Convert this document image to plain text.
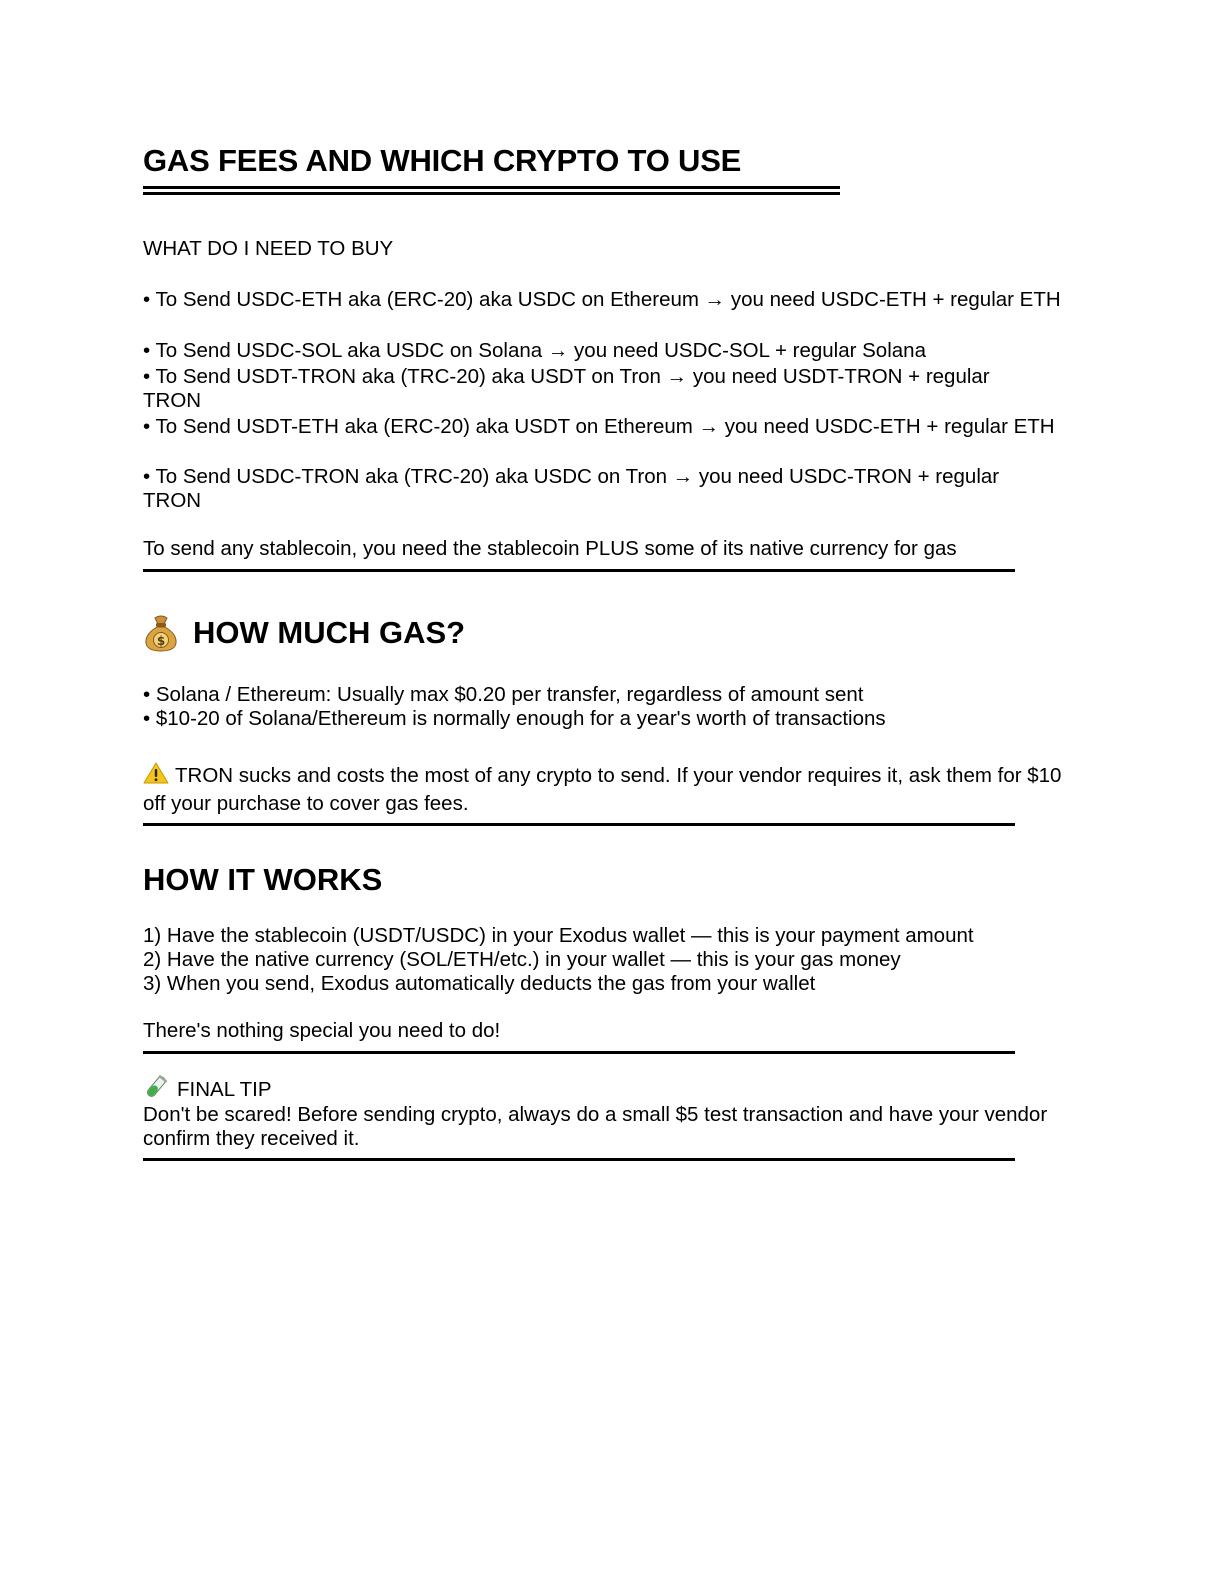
GAS FEES AND WHICH CRYPTO TO USE
WHAT DO I NEED TO BUY
• To Send USDC-ETH aka (ERC-20) aka USDC on Ethereum → you need USDC-ETH + regular ETH
• To Send USDC-SOL aka USDC on Solana → you need USDC-SOL + regular Solana
• To Send USDT-TRON aka (TRC-20) aka USDT on Tron → you need USDT-TRON + regular TRON
• To Send USDT-ETH aka (ERC-20) aka USDT on Ethereum → you need USDC-ETH + regular ETH
• To Send USDC-TRON aka (TRC-20) aka USDC on Tron → you need USDC-TRON + regular TRON
To send any stablecoin, you need the stablecoin PLUS some of its native currency for gas
$ HOW MUCH GAS?
• Solana / Ethereum: Usually max $0.20 per transfer, regardless of amount sent
• $10-20 of Solana/Ethereum is normally enough for a year's worth of transactions
TRON sucks and costs the most of any crypto to send. If your vendor requires it, ask them for $10 off your purchase to cover gas fees.
HOW IT WORKS
1) Have the stablecoin (USDT/USDC) in your Exodus wallet — this is your payment amount
2) Have the native currency (SOL/ETH/etc.) in your wallet — this is your gas money
3) When you send, Exodus automatically deducts the gas from your wallet
There's nothing special you need to do!
FINAL TIP
Don't be scared! Before sending crypto, always do a small $5 test transaction and have your vendor confirm they received it.
